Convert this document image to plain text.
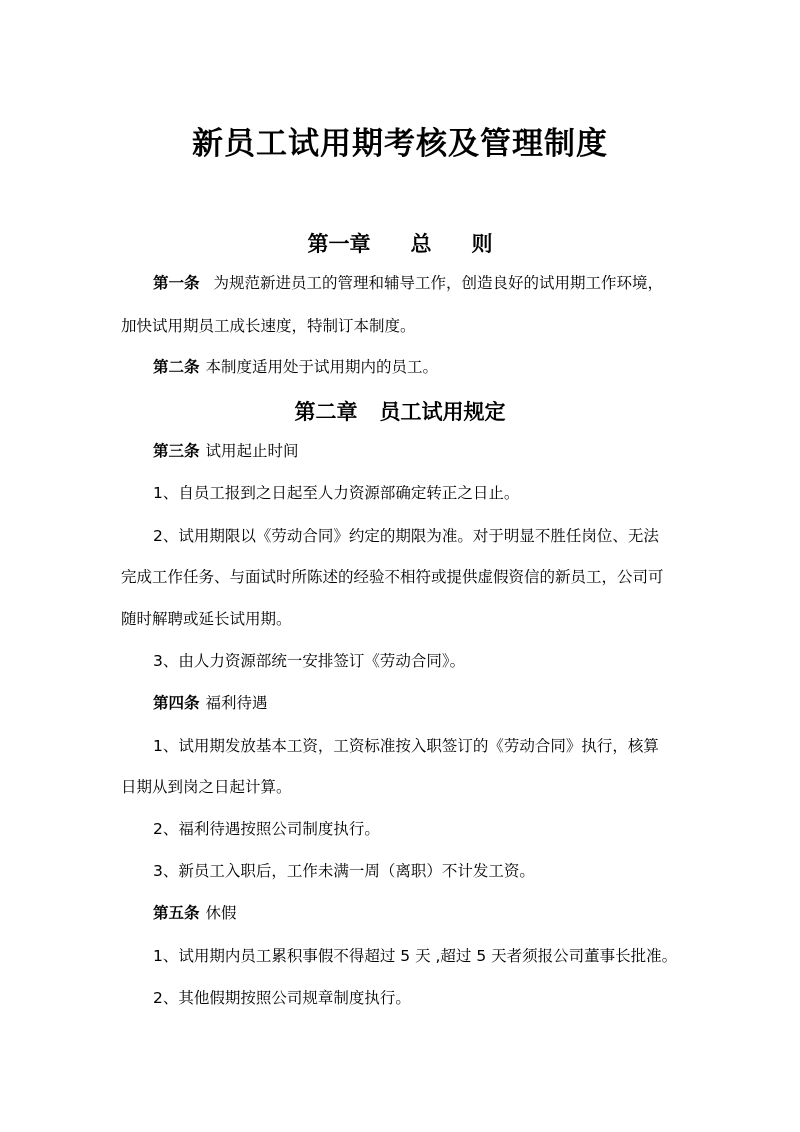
新员工试用期考核及管理制度
第一章 总 则
第一条 为规范新进员工的管理和辅导工作，创造良好的试用期工作环境，
加快试用期员工成长速度，特制订本制度。
第二条 本制度适用处于试用期内的员工。
第二章 员工试用规定
第三条 试用起止时间
1、自员工报到之日起至人力资源部确定转正之日止。
2、试用期限以《劳动合同》约定的期限为准。对于明显不胜任岗位、无法
完成工作任务、与面试时所陈述的经验不相符或提供虚假资信的新员工，公司可
随时解聘或延长试用期。
3、由人力资源部统一安排签订《劳动合同》。
第四条 福利待遇
1、试用期发放基本工资，工资标准按入职签订的《劳动合同》执行，核算
日期从到岗之日起计算。
2、福利待遇按照公司制度执行。
3、新员工入职后，工作未满一周（离职）不计发工资。
第五条 休假
1、试用期内员工累积事假不得超过 5 天 ,超过 5 天者须报公司董事长批准。
2、其他假期按照公司规章制度执行。
